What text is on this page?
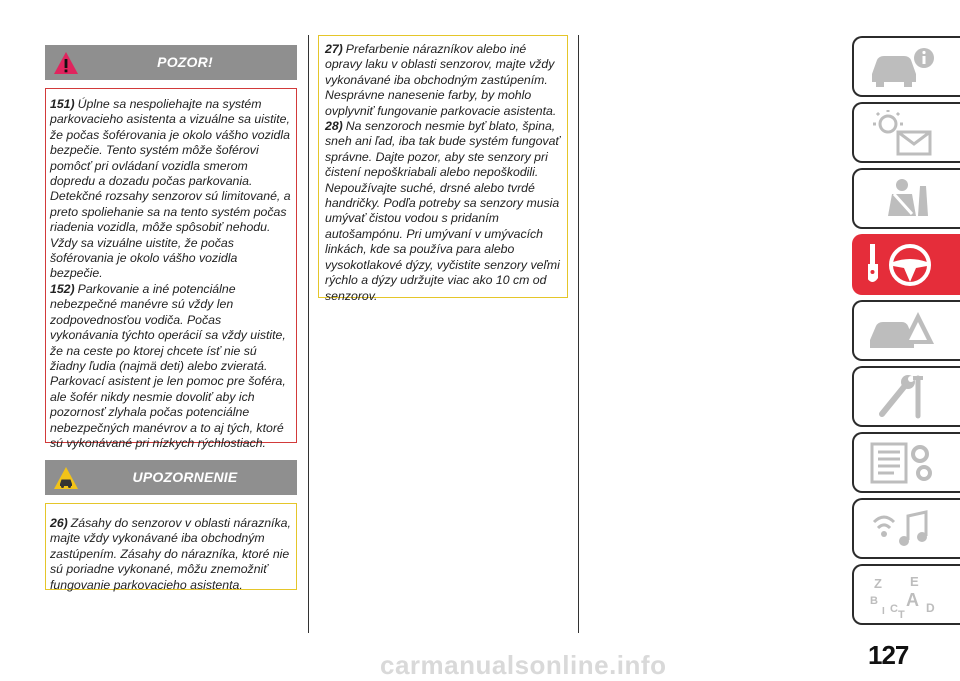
POZOR!

151) Úplne sa nespoliehajte na systém parkovacieho asistenta a vizuálne sa uistite, že počas šoférovania je okolo vášho vozidla bezpečie. Tento systém môže šoférovi pomôcť pri ovládaní vozidla smerom dopredu a dozadu počas parkovania. Detekčné rozsahy senzorov sú limitované, a preto spoliehanie sa na tento systém počas riadenia vozidla, môže spôsobiť nehodu. Vždy sa vizuálne uistite, že počas šoférovania je okolo vášho vozidla bezpečie.

152) Parkovanie a iné potenciálne nebezpečné manévre sú vždy len zodpovednosťou vodiča. Počas vykonávania týchto operácií sa vždy uistite, že na ceste po ktorej chcete ísť nie sú žiadny ľudia (najmä deti) alebo zvieratá. Parkovací asistent je len pomoc pre šoféra, ale šofér nikdy nesmie dovoliť aby ich pozornosť zlyhala počas potenciálne nebezpečných manévrov a to aj tých, ktoré sú vykonávané pri nízkych rýchlostiach.

UPOZORNENIE

26) Zásahy do senzorov v oblasti nárazníka, majte vždy vykonávané iba obchodným zastúpením. Zásahy do nárazníka, ktoré nie sú poriadne vykonané, môžu znemožniť fungovanie parkovacieho asistenta.

27) Prefarbenie nárazníkov alebo iné opravy laku v oblasti senzorov, majte vždy vykonávané iba obchodným zastúpením. Nesprávne nanesenie farby, by mohlo ovplyvniť fungovanie parkovacie asistenta.

28) Na senzoroch nesmie byť blato, špina, sneh ani ľad, iba tak bude systém fungovať správne. Dajte pozor, aby ste senzory pri čistení nepoškriabali alebo nepoškodili. Nepoužívajte suché, drsné alebo tvrdé handričky. Podľa potreby sa senzory musia umývať čistou vodou s pridaním autošampónu. Pri umývaní v umývacích linkách, kde sa používa para alebo vysokotlakové dýzy, vyčistite senzory veľmi rýchlo a dýzy udržujte viac ako 10 cm od senzorov.

Z E
B A
C D
T
I
127
carmanualsonline.info
